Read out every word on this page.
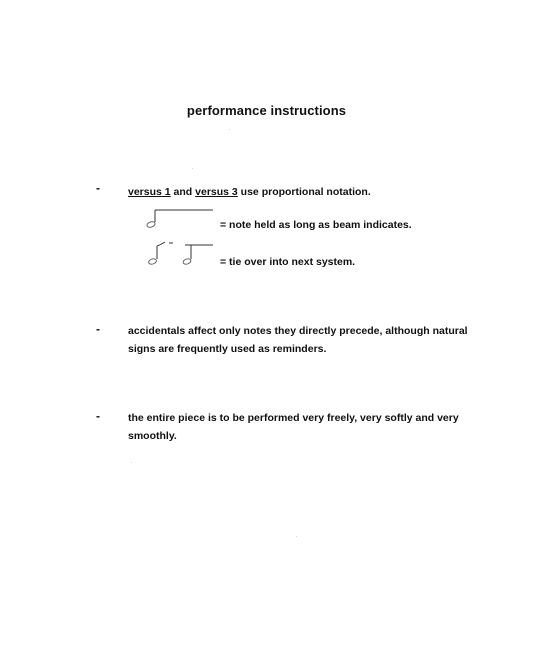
performance instructions
-	versus 1 and versus 3 use proportional notation.
= note held as long as beam indicates.
= tie over into next system.
-	accidentals affect only notes they directly precede, although natural signs are frequently used as reminders.
-	the entire piece is to be performed very freely, very softly and very smoothly.
